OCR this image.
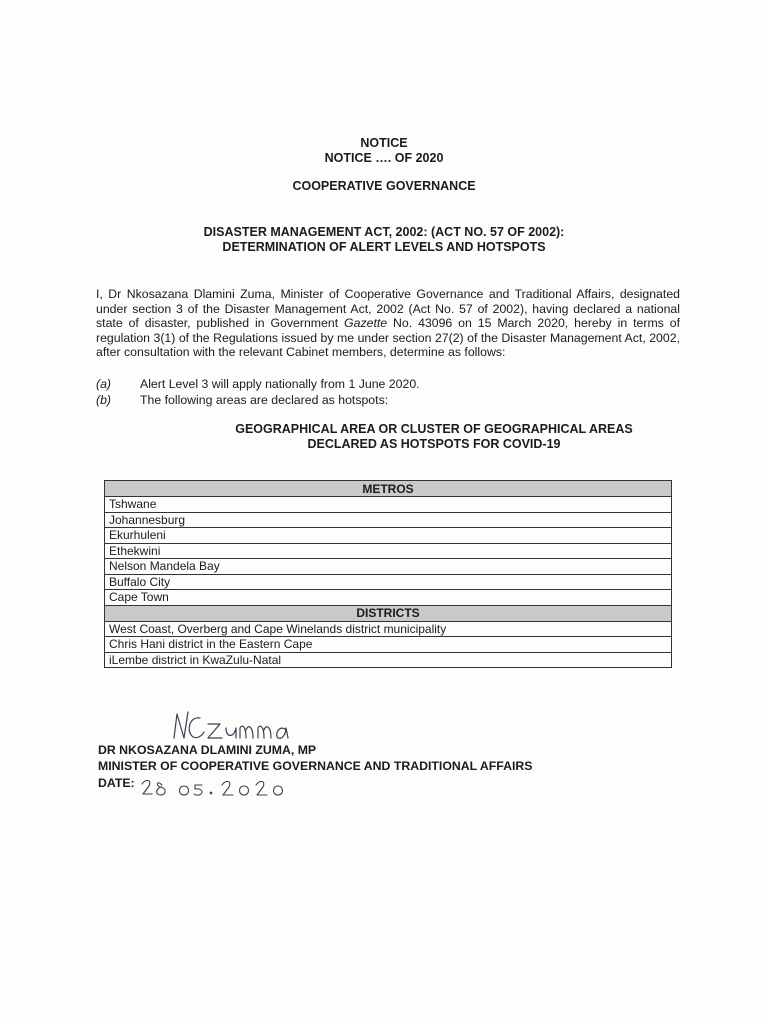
NOTICE
NOTICE …. OF 2020
COOPERATIVE GOVERNANCE
DISASTER MANAGEMENT ACT, 2002: (ACT NO. 57 OF 2002):
DETERMINATION OF ALERT LEVELS AND HOTSPOTS
I, Dr Nkosazana Dlamini Zuma, Minister of Cooperative Governance and Traditional Affairs, designated under section 3 of the Disaster Management Act, 2002 (Act No. 57 of 2002), having declared a national state of disaster, published in Government Gazette No. 43096 on 15 March 2020, hereby in terms of regulation 3(1) of the Regulations issued by me under section 27(2) of the Disaster Management Act, 2002, after consultation with the relevant Cabinet members, determine as follows:
(a) Alert Level 3 will apply nationally from 1 June 2020.
(b) The following areas are declared as hotspots:
GEOGRAPHICAL AREA OR CLUSTER OF GEOGRAPHICAL AREAS
DECLARED AS HOTSPOTS FOR COVID-19
METROS
Tshwane
Johannesburg
Ekurhuleni
Ethekwini
Nelson Mandela Bay
Buffalo City
Cape Town
DISTRICTS
West Coast, Overberg and Cape Winelands district municipality
Chris Hani district in the Eastern Cape
iLembe district in KwaZulu-Natal
DR NKOSAZANA DLAMINI ZUMA, MP
MINISTER OF COOPERATIVE GOVERNANCE AND TRADITIONAL AFFAIRS
DATE:
